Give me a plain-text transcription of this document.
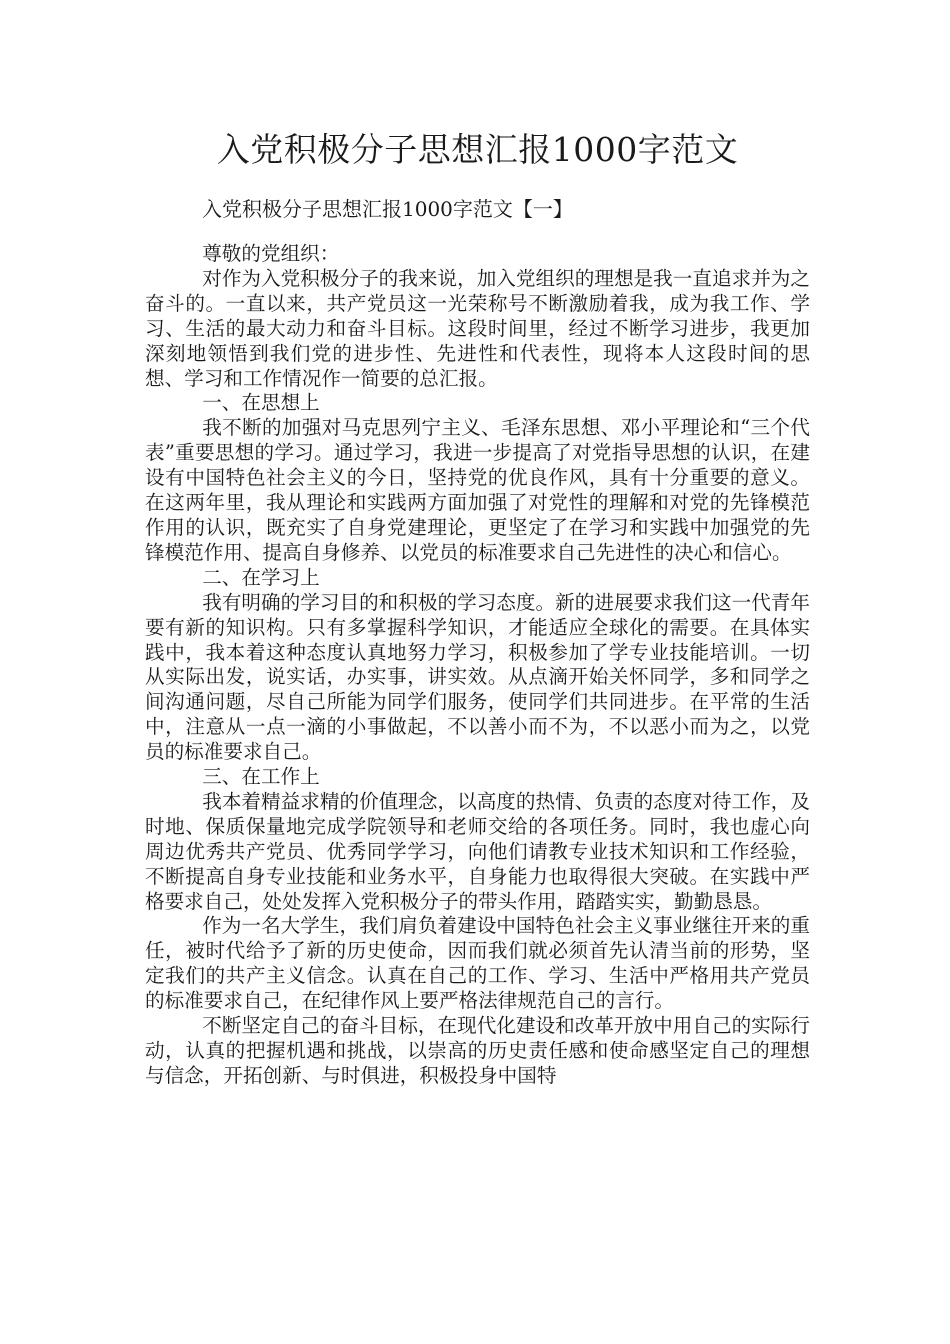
入党积极分子思想汇报1000字范文
入党积极分子思想汇报1000字范文【一】

尊敬的党组织：

对作为入党积极分子的我来说，加入党组织的理想是我一直追求并为之奋斗的。一直以来，共产党员这一光荣称号不断激励着我，成为我工作、学习、生活的最大动力和奋斗目标。这段时间里，经过不断学习进步，我更加深刻地领悟到我们党的进步性、先进性和代表性，现将本人这段时间的思想、学习和工作情况作一简要的总汇报。

一、在思想上

我不断的加强对马克思列宁主义、毛泽东思想、邓小平理论和“三个代表”重要思想的学习。通过学习，我进一步提高了对党指导思想的认识，在建设有中国特色社会主义的今日，坚持党的优良作风，具有十分重要的意义。在这两年里，我从理论和实践两方面加强了对党性的理解和对党的先锋模范作用的认识，既充实了自身党建理论，更坚定了在学习和实践中加强党的先锋模范作用、提高自身修养、以党员的标准要求自己先进性的决心和信心。

二、在学习上

我有明确的学习目的和积极的学习态度。新的进展要求我们这一代青年要有新的知识构。只有多掌握科学知识，才能适应全球化的需要。在具体实践中，我本着这种态度认真地努力学习，积极参加了学专业技能培训。一切从实际出发，说实话，办实事，讲实效。从点滴开始关怀同学，多和同学之间沟通问题，尽自己所能为同学们服务，使同学们共同进步。在平常的生活中，注意从一点一滴的小事做起，不以善小而不为，不以恶小而为之，以党员的标准要求自己。

三、在工作上

我本着精益求精的价值理念，以高度的热情、负责的态度对待工作，及时地、保质保量地完成学院领导和老师交给的各项任务。同时，我也虚心向周边优秀共产党员、优秀同学学习，向他们请教专业技术知识和工作经验，不断提高自身专业技能和业务水平，自身能力也取得很大突破。在实践中严格要求自己，处处发挥入党积极分子的带头作用，踏踏实实，勤勤恳恳。

作为一名大学生，我们肩负着建设中国特色社会主义事业继往开来的重任，被时代给予了新的历史使命，因而我们就必须首先认清当前的形势，坚定我们的共产主义信念。认真在自己的工作、学习、生活中严格用共产党员的标准要求自己，在纪律作风上要严格法律规范自己的言行。

不断坚定自己的奋斗目标，在现代化建设和改革开放中用自己的实际行动，认真的把握机遇和挑战，以崇高的历史责任感和使命感坚定自己的理想与信念，开拓创新、与时俱进，积极投身中国特
